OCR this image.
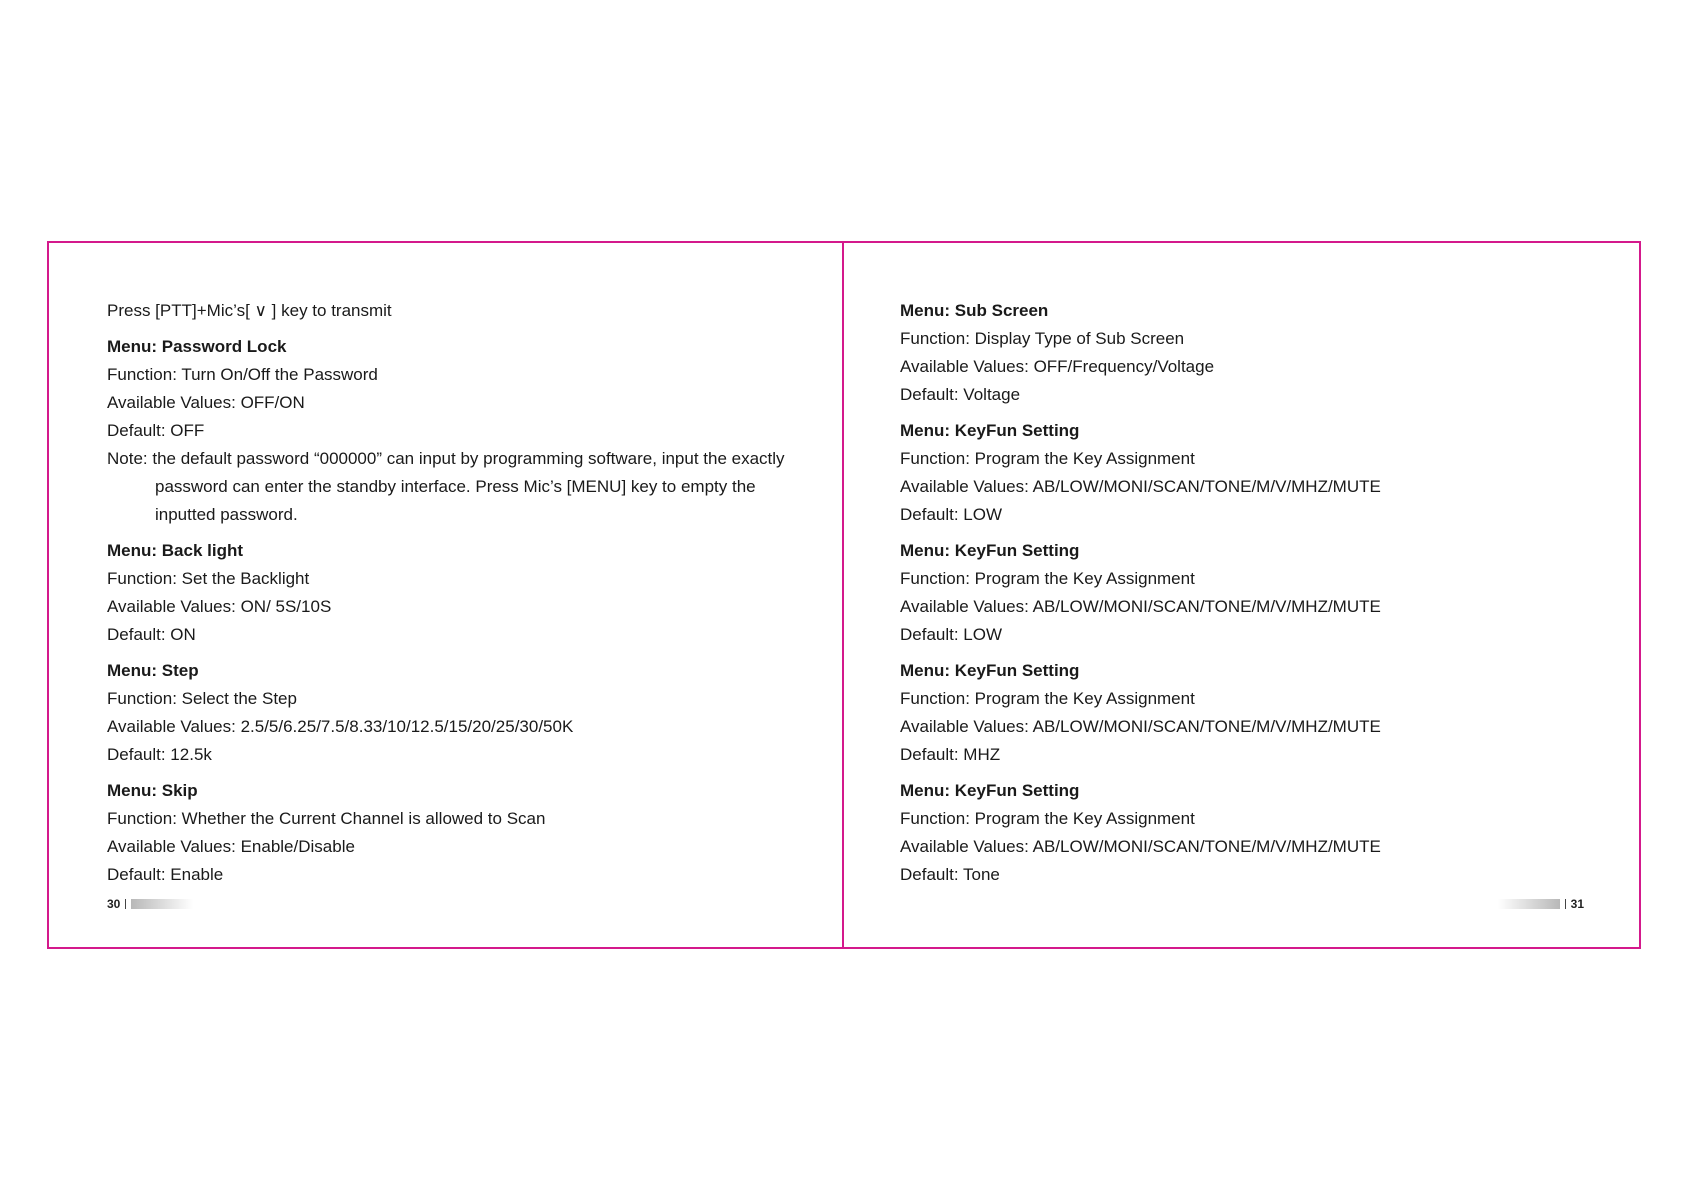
Press [PTT]+Mic’s[ ∨ ] key to transmit

Menu: Password Lock

Function: Turn On/Off the Password

Available Values: OFF/ON

Default: OFF

Note: the default password “000000” can input by programming software, input the exactly

password can enter the standby interface. Press Mic’s [MENU] key to empty the

inputted password.

Menu: Back light

Function: Set the Backlight

Available Values: ON/ 5S/10S

Default: ON

Menu: Step

Function: Select the Step

Available Values: 2.5/5/6.25/7.5/8.33/10/12.5/15/20/25/30/50K

Default: 12.5k

Menu: Skip

Function: Whether the Current Channel is allowed to Scan

Available Values: Enable/Disable

Default: Enable

30

Menu: Sub Screen

Function: Display Type of Sub Screen

Available Values: OFF/Frequency/Voltage

Default: Voltage

Menu: KeyFun Setting

Function: Program the Key Assignment

Available Values: AB/LOW/MONI/SCAN/TONE/M/V/MHZ/MUTE

Default: LOW

Menu: KeyFun Setting

Function: Program the Key Assignment

Available Values: AB/LOW/MONI/SCAN/TONE/M/V/MHZ/MUTE

Default: LOW

Menu: KeyFun Setting

Function: Program the Key Assignment

Available Values: AB/LOW/MONI/SCAN/TONE/M/V/MHZ/MUTE

Default: MHZ

Menu: KeyFun Setting

Function: Program the Key Assignment

Available Values: AB/LOW/MONI/SCAN/TONE/M/V/MHZ/MUTE

Default: Tone

31
